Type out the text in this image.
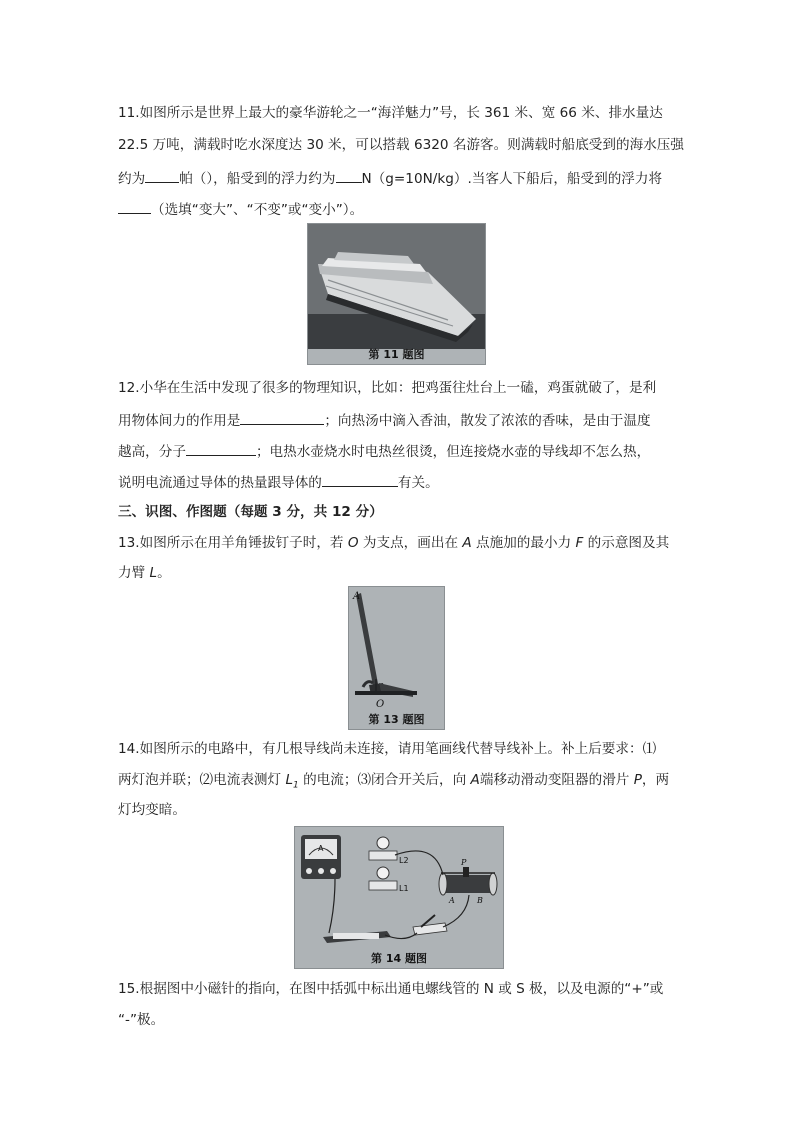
11.如图所示是世界上最大的豪华游轮之一“海洋魅力”号，长 361 米、宽 66 米、排水量达
22.5 万吨，满载时吃水深度达 30 米，可以搭载 6320 名游客。则满载时船底受到的海水压强
约为	帕（），船受到的浮力约为 N（g=10N/kg）.当客人下船后，船受到的浮力将
（选填“变大”、“不变”或“变小”）。
第 11 题图
12.小华在生活中发现了很多的物理知识，比如：把鸡蛋往灶台上一磕，鸡蛋就破了，是利
用物体间力的作用是	；向热汤中滴入香油，散发了浓浓的香味，是由于温度
越高，分子	；电热水壶烧水时电热丝很烫，但连接烧水壶的导线却不怎么热，
说明电流通过导体的热量跟导体的	有关。
三、识图、作图题（每题 3 分，共 12 分）
13.如图所示在用羊角锤拔钉子时，若 O 为支点，画出在 A 点施加的最小力 F 的示意图及其
力臂 L。
A
O
第 13 题图
14.如图所示的电路中，有几根导线尚未连接，请用笔画线代替导线补上。补上后要求：⑴
两灯泡并联；⑵电流表测灯 $L_1$ 的电流；⑶闭合开关后，向 A端移动滑动变阻器的滑片 P，两
灯均变暗。
A
L2
L1
P
A	B
第 14 题图
15.根据图中小磁针的指向，在图中括弧中标出通电螺线管的 N 或 S 极，以及电源的“+”或
“-”极。
